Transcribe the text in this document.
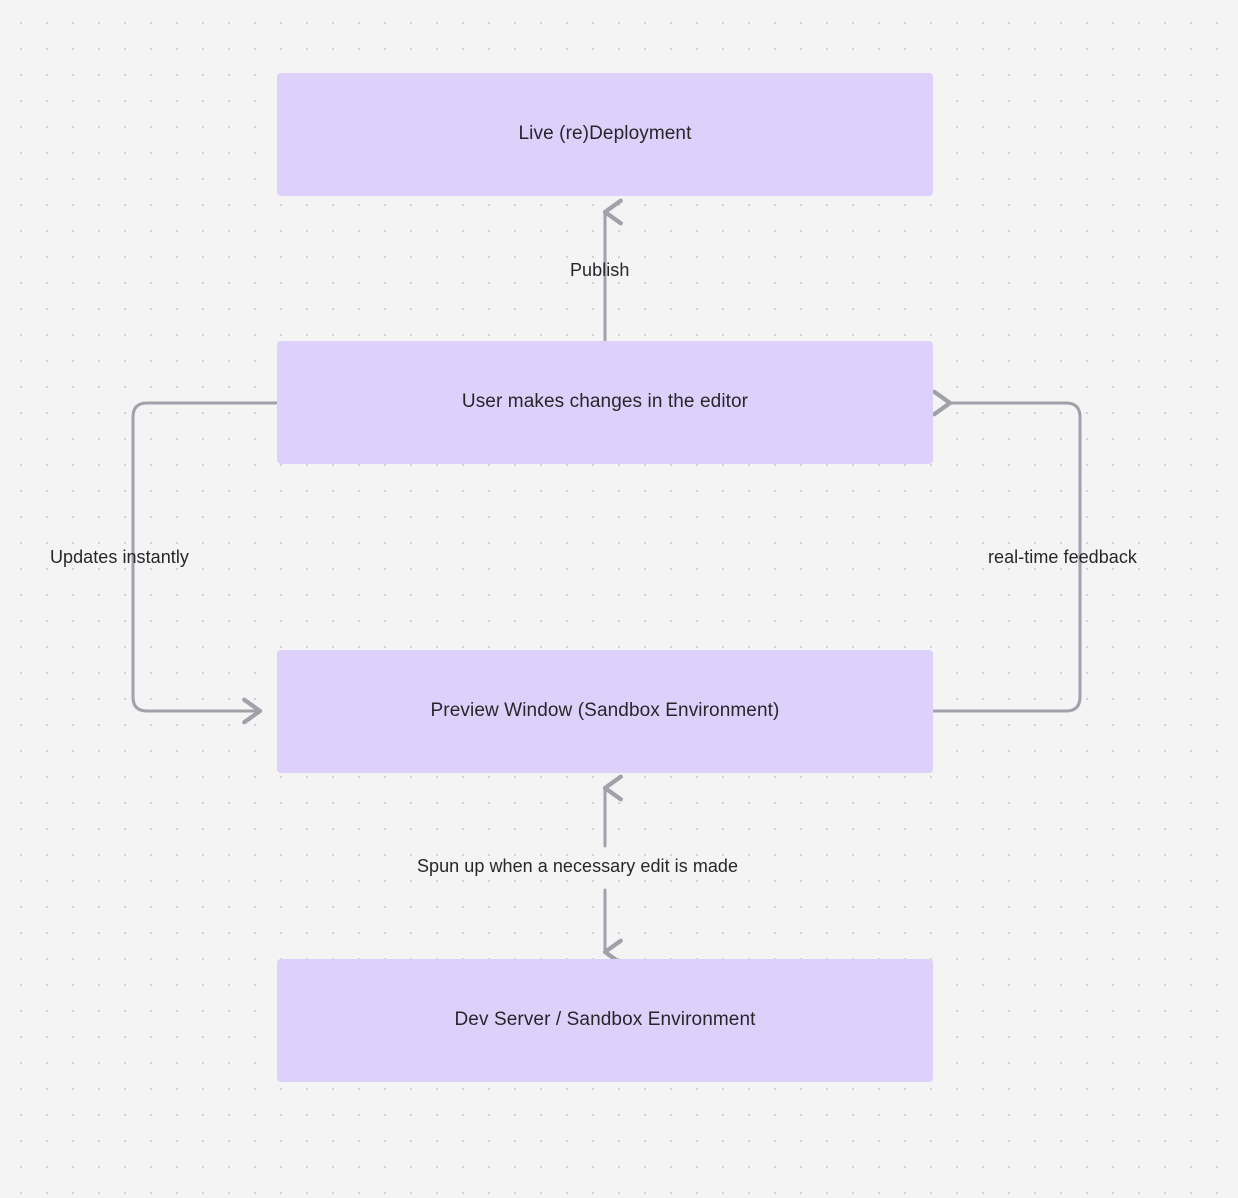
Live (re)Deployment
User makes changes in the editor
Preview Window (Sandbox Environment)
Dev Server / Sandbox Environment
Publish
Updates instantly	real-time feedback
Spun up when a necessary edit is made
